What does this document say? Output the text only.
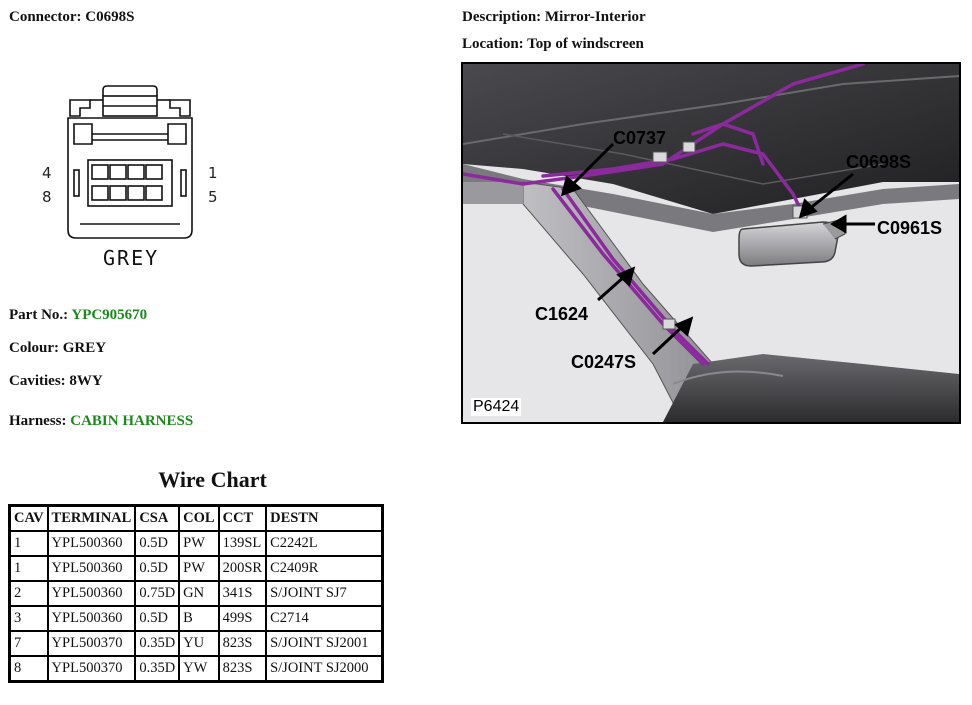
Connector: C0698S	Description: Mirror-Interior
Location: Top of windscreen
4
8
1
5
GREY
Part No.: YPC905670
Colour: GREY
Cavities: 8WY
Harness: CABIN HARNESS
Wire Chart
CAV	TERMINAL	CSA	COL	CCT	DESTN
1	YPL500360	0.5D	PW	139SL	C2242L
1	YPL500360	0.5D	PW	200SR	C2409R
2	YPL500360	0.75D	GN	341S	S/JOINT SJ7
3	YPL500360	0.5D	B	499S	C2714
7	YPL500370	0.35D	YU	823S	S/JOINT SJ2001
8	YPL500370	0.35D	YW	823S	S/JOINT SJ2000
C0737
C0698S
C0961S
C1624
C0247S
P6424
